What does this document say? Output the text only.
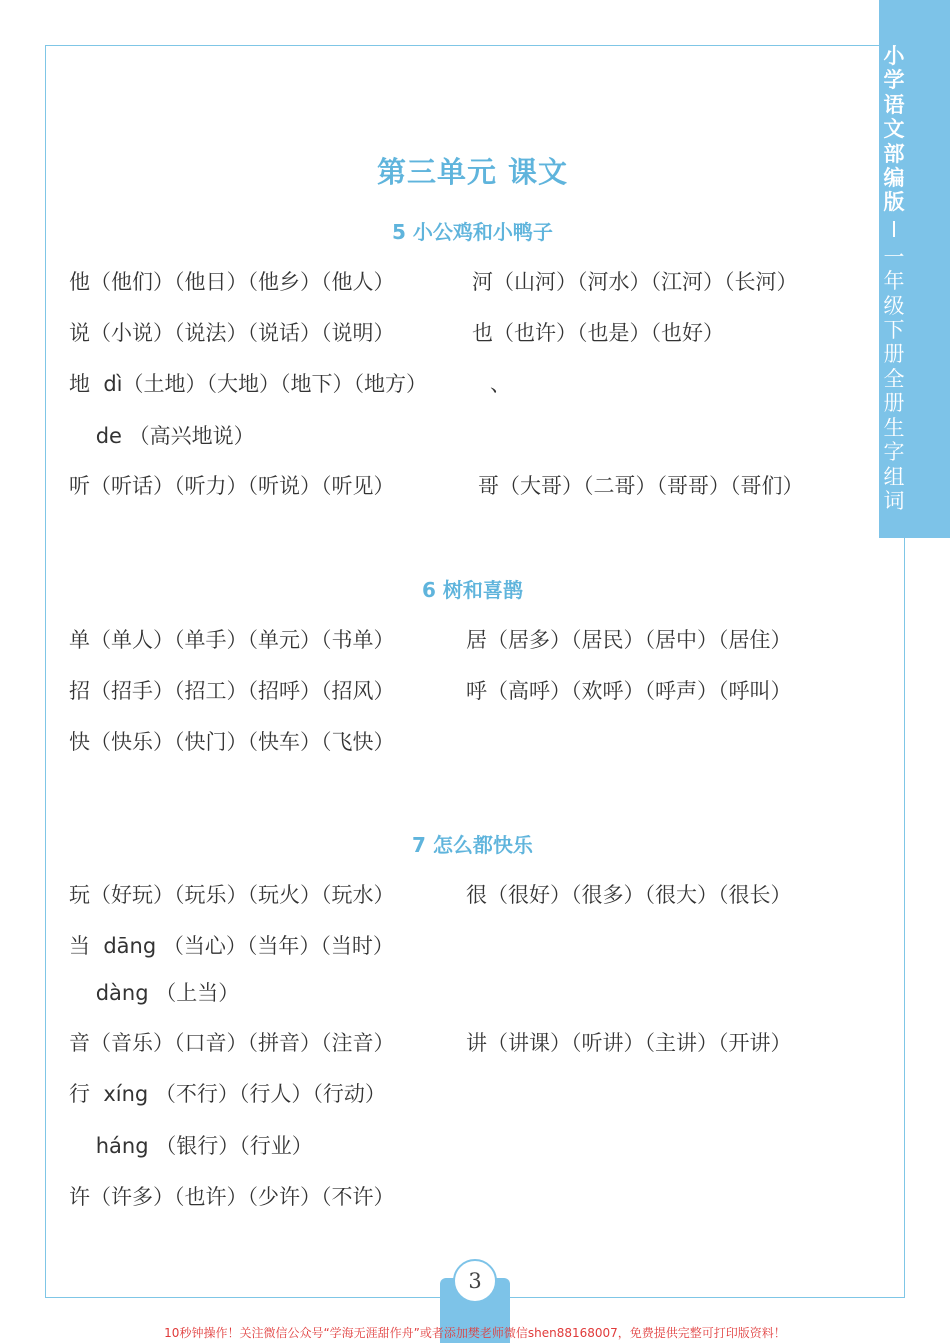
小学语文部编版
一年级下册全册生字组词
第三单元 课文
5 小公鸡和小鸭子
他（他们）（他日）（他乡）（他人）	河（山河）（河水）（江河）（长河）
说（小说）（说法）（说话）（说明）	也（也许）（也是）（也好）
地  dì（土地）（大地）（地下）（地方）	、
de （高兴地说）
听（听话）（听力）（听说）（听见）	哥（大哥）（二哥）（哥哥）（哥们）
6 树和喜鹊
单（单人）（单手）（单元）（书单）	居（居多）（居民）（居中）（居住）
招（招手）（招工）（招呼）（招风）	呼（高呼）（欢呼）（呼声）（呼叫）
快（快乐）（快门）（快车）（飞快）
7 怎么都快乐
玩（好玩）（玩乐）（玩火）（玩水）	很（很好）（很多）（很大）（很长）
当  dāng （当心）（当年）（当时）
dàng （上当）
音（音乐）（口音）（拼音）（注音）	讲（讲课）（听讲）（主讲）（开讲）
行  xíng （不行）（行人）（行动）
háng （银行）（行业）
许（许多）（也许）（少许）（不许）
3
10秒钟操作！关注微信公众号“学海无涯甜作舟”或者添加樊老师微信shen88168007，免费提供完整可打印版资料！
